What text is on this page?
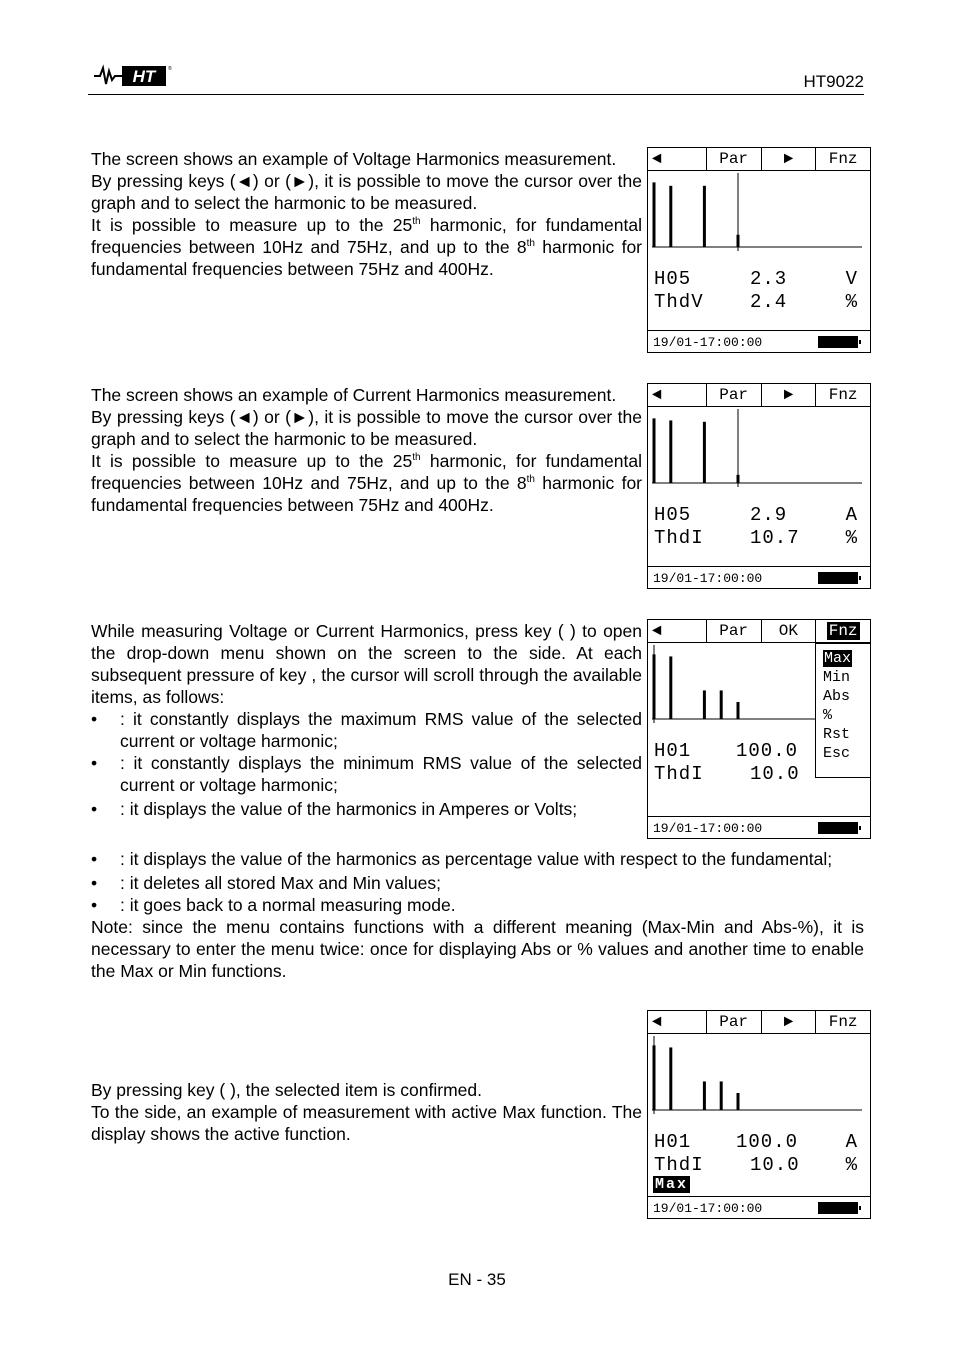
HT	®
HT9022

The screen shows an example of Voltage Harmonics measurement.

By pressing keys (◄) or (►), it is possible to move the cursor over the graph and to select the harmonic to be measured.

It is possible to measure up to the 25th harmonic, for fundamental frequencies between 10Hz and 75Hz, and up to the 8th harmonic for fundamental frequencies between 75Hz and 400Hz.

◄	Par	►	Fnz
H05	2.3	V
ThdV 2.4	%
19/01-17:00:00

The screen shows an example of Current Harmonics measurement.

By pressing keys (◄) or (►), it is possible to move the cursor over the graph and to select the harmonic to be measured.

It is possible to measure up to the 25th harmonic, for fundamental frequencies between 10Hz and 75Hz, and up to the 8th harmonic for fundamental frequencies between 75Hz and 400Hz.

◄	Par	►	Fnz
H05	2.9	A
ThdI 10.7 %
19/01-17:00:00

While measuring Voltage or Current Harmonics, press key ( ) to open the drop-down menu shown on the screen to the side. At each subsequent pressure of key , the cursor will scroll through the available items, as follows:

• : it constantly displays the maximum RMS value of the selected current or voltage harmonic;
• : it constantly displays the minimum RMS value of the selected current or voltage harmonic;
• : it displays the value of the harmonics in Amperes or Volts;
• : it displays the value of the harmonics as percentage value with respect to the fundamental;
• : it deletes all stored Max and Min values;
• : it goes back to a normal measuring mode.

Note: since the menu contains functions with a different meaning (Max-Min and Abs-%), it is necessary to enter the menu twice: once for displaying Abs or % values and another time to enable the Max or Min functions.

◄	Par	OK	Fnz
H01 100.0
ThdI 10.0
19/01-17:00:00
Max
Min
Abs
%
Rst
Esc

By pressing key ( ), the selected item is confirmed.

To the side, an example of measurement with active Max function. The display shows the active function.

◄	Par	►	Fnz
H01 100.0	A
ThdI 10.0 %
Max
19/01-17:00:00
EN - 35
